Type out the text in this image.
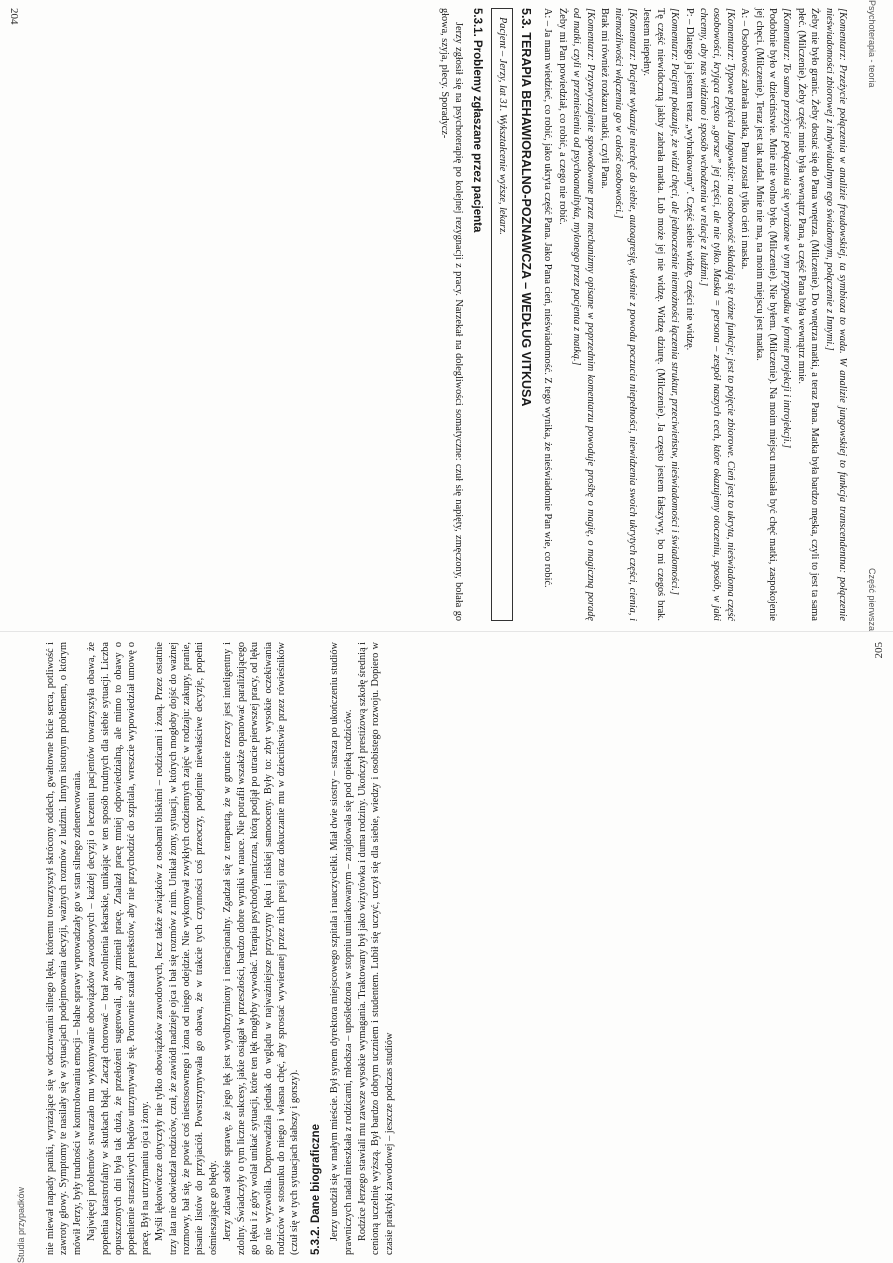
Psychoterapia - teoria
Część pierwsza

[Komentarz: Przeżycie połączenia w analizie freudowskiej, ta symbioza to wada. W analizie jungowskiej to funkcja transcendentna: połączenie nieświadomości zbiorowej z indywidualnym ego świadomym, połączenie z Innymi.]

Żeby nie było granic. Żeby dostać się do Pana wnętrza. (Milczenie). Do wnętrza matki, a teraz Pana. Matka była bardzo męska, czyli to jest ta sama płeć. (Milczenie). Żeby część mnie była wewnątrz Pana, a część Pana była wewnątrz mnie.

[Komentarz: To samo przeżycie połączenia się wyrażone w tym przypadku w formie projekcji i introjekcji.]

Podobnie było w dzieciństwie. Mnie nie wolno było. (Milczenie). Nie byłem. (Milczenie). Na moim miejscu musiała być chęć matki, zaspokojenie jej chęci. (Milczenie). Teraz jest tak nadal. Mnie nie ma, na moim miejscu jest matka.

A: – Osobowość zabrała matka, Panu został tylko cień i maska.

[Komentarz: Typowe pojęcia Jungowskie: na osobowość składają się różne funkcje; jest to pojęcie zbiorowe. Cień jest to ukryta, nieświadoma część osobowości, kryjąca często „gorsze” jej części, ale nie tylko. Maska = persona – zespół naszych cech, które okazujemy otoczeniu, sposób, w jaki chcemy, aby nas widziano i sposób wchodzenia w relacje z ludźmi.]

P: – Dlatego ja jestem teraz „wybrakowany”. Część siebie widzę, części nie widzę.

[Komentarz: Pacjent pokazuje, że widzi chęci, ale jednocześnie niemożności łączenia struktur, przeciwieństw, nieświadomości i świadomości.]

Tę część niewidoczną jakby zabrała matka. Lub może jej nie widzę. Widzę dziurę. (Milczenie). Ja często jestem fałszywy, bo mi czegoś brak. Jestem niepełny.

[Komentarz: Pacjent wykazuje niechęć do siebie, autoagresję, właśnie z powodu poczucia niepełności, niewidzenia swoich ukrytych części, cienia, i niemożliwości włączenia go w całość osobowości.]

Brak mi również rozkazu matki, czyli Pana.

[Komentarz: Przyzwyczajenie spowodowane przez mechanizmy opisane w poprzednim komentarzu powoduje prośbę o magię, o magiczną poradę od matki, czyli w przeniesieniu od psychoanalityka, mylonego przez pacjenta z matką.]

Żeby mi Pan powiedział, co robić, a czego nie robić.

A: – Ja mam wiedzieć, co robić, jako ukryta część Pana. Jako Pana cień, nieświadomość. Z tego wynika, że nieświadomie Pan wie, co robić.

5.3. TERAPIA BEHAWIORALNO-POZNAWCZA – WEDŁUG VITKUSA
Pacjent – Jerzy, lat 31. Wykształcenie wyższe, lekarz.
5.3.1. Problemy zgłaszane przez pacjenta

Jerzy zgłosił się na psychoterapię po kolejnej rezygnacji z pracy. Narzekał na dolegliwości somatyczne: czuł się napięty, zmęczony, bolała go głowa, szyja, plecy. Sporadycz-

204
Studia przypadków nie miewał napady paniki, wyrażające się w odczuwaniu silnego lęku, któremu towarzyszył skrócony oddech, gwałtowne bicie serca, potliwość i zawroty głowy. Symptomy te nasilały się w sytuacjach podejmowania decyzji, ważnych rozmów z ludźmi. Innym istotnym problemem, o którym mówił Jerzy, były trudności w kontrolowaniu emocji – błahe sprawy wprowadzały go w stan silnego zdenerwowania. Najwięcej problemów stwarzało mu wykonywanie obowiązków zawodowych – każdej decyzji o leczeniu pacjentów towarzyszyła obawa, że popełnia katastrofalny w skutkach błąd. Zaczął chorować – brał zwolnienia lekarskie, unikając w ten sposób trudnych dla siebie sytuacji. Liczba opuszczonych dni była tak duża, że przełożeni sugerowali, aby zmienił pracę. Znalazł pracę mniej odpowiedzialną, ale mimo to obawy o popełnienie straszliwych błędów utrzymywały się. Ponownie szukał pretekstów, aby nie przychodzić do szpitala, wreszcie wypowiedział umowę o pracę. Był na utrzymaniu ojca i żony. Myśli lękotwórcze dotyczyły nie tylko obowiązków zawodowych, lecz także związków z osobami bliskimi – rodzicami i żoną. Przez ostatnie trzy lata nie odwiedzał rodziców, czuł, że zawiódł nadzieje ojca i bał się rozmów z nim. Unikał żony, sytuacji, w których mogłoby dojść do ważnej rozmowy, bał się, że powie coś niestosownego i żona od niego odejdzie. Nie wykonywał zwykłych codziennych zajęć w rodzaju: zakupy, pranie, pisanie listów do przyjaciół. Powstrzymywała go obawa, że w trakcie tych czynności coś przeoczy, podejmie niewłaściwe decyzje, popełni ośmieszające go błędy. Jerzy zdawał sobie sprawę, że jego lęk jest wyolbrzymiony i nieracjonalny. Zgadzał się z terapeutą, że w gruncie rzeczy jest inteligentny i zdolny. Świadczyły o tym liczne sukcesy, jakie osiągał w przeszłości, bardzo dobre wyniki w nauce. Nie potrafił wszakże opanować paraliżującego go lęku i z góry wolał unikać sytuacji, które ten lęk mogłyby wywołać. Terapia psychodynamiczna, którą podjął po utracie pierwszej pracy, od lęku go nie wyzwoliła. Doprowadziła jednak do wglądu w najważniejsze przyczyny lęku i niskiej samooceny. Były to: zbyt wysokie oczekiwania rodziców w stosunku do niego i własna chęć, aby sprostać wywieranej przez nich presji oraz dokuczanie mu w dzieciństwie przez rówieśników (czuł się w tych sytuacjach słabszy i gorszy). 5.3.2. Dane biograficzne Jerzy urodził się w małym mieście. Był synem dyrektora miejscowego szpitala i nauczycielki. Miał dwie siostry – starsza po ukończeniu studiów prawniczych nadal mieszkała z rodzicami, młodsza – upośledzona w stopniu umiarkowanym – znajdowała się pod opieką rodziców. Rodzice Jerzego stawiali mu zawsze wysokie wymagania. Traktowany był jako wizytówka i duma rodziny. Ukończył prestiżową szkołę średnią i cenioną uczelnię wyższą. Był bardzo dobrym uczniem i studentem. Lubił się uczyć, uczył się dla siebie, wiedzy i osobistego rozwoju. Dopiero w czasie praktyki zawodowej – jeszcze podczas studiów

205
